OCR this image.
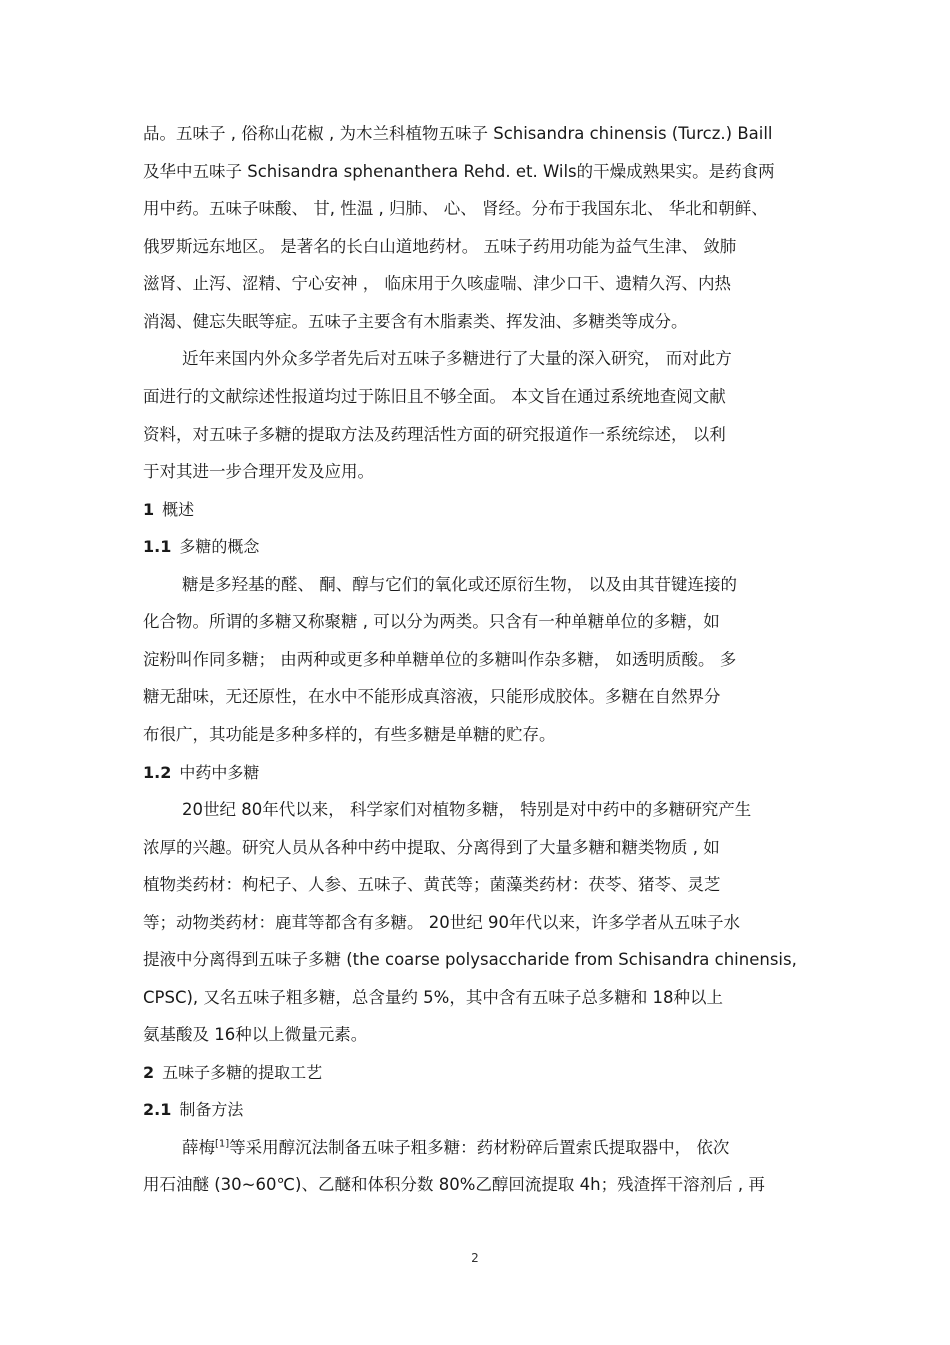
品。五味子 , 俗称山花椒 , 为木兰科植物五味子 Schisandra chinensis (Turcz.) Baill
及华中五味子 Schisandra sphenanthera Rehd. et. Wils的干燥成熟果实。是药食两
用中药。五味子味酸、 甘, 性温 , 归肺、 心、 肾经。分布于我国东北、 华北和朝鲜、
俄罗斯远东地区。 是著名的长白山道地药材。 五味子药用功能为益气生津、 敛肺
滋肾、止泻、涩精、宁心安神 ， 临床用于久咳虚喘、津少口干、遗精久泻、内热
消渴、健忘失眠等症。五味子主要含有木脂素类、挥发油、多糖类等成分。
近年来国内外众多学者先后对五味子多糖进行了大量的深入研究， 而对此方
面进行的文献综述性报道均过于陈旧且不够全面。 本文旨在通过系统地查阅文献
资料，对五味子多糖的提取方法及药理活性方面的研究报道作一系统综述， 以利
于对其进一步合理开发及应用。
1 概述
1.1 多糖的概念
糖是多羟基的醛、 酮、醇与它们的氧化或还原衍生物， 以及由其苷键连接的
化合物。所谓的多糖又称聚糖 , 可以分为两类。只含有一种单糖单位的多糖，如
淀粉叫作同多糖； 由两种或更多种单糖单位的多糖叫作杂多糖， 如透明质酸。 多
糖无甜味，无还原性，在水中不能形成真溶液，只能形成胶体。多糖在自然界分
布很广，其功能是多种多样的，有些多糖是单糖的贮存。
1.2 中药中多糖
20世纪 80年代以来， 科学家们对植物多糖， 特别是对中药中的多糖研究产生
浓厚的兴趣。研究人员从各种中药中提取、分离得到了大量多糖和糖类物质 , 如
植物类药材：枸杞子、人参、五味子、黄芪等；菌藻类药材：茯苓、猪苓、灵芝
等；动物类药材：鹿茸等都含有多糖。 20世纪 90年代以来，许多学者从五味子水
提液中分离得到五味子多糖 (the coarse polysaccharide from Schisandra chinensis,
CPSC), 又名五味子粗多糖，总含量约 5%，其中含有五味子总多糖和 18种以上
氨基酸及 16种以上微量元素。
2 五味子多糖的提取工艺
2.1 制备方法
薛梅[1]等采用醇沉法制备五味子粗多糖：药材粉碎后置索氏提取器中， 依次
用石油醚 (30~60℃)、乙醚和体积分数 80%乙醇回流提取 4h；残渣挥干溶剂后 , 再
2
